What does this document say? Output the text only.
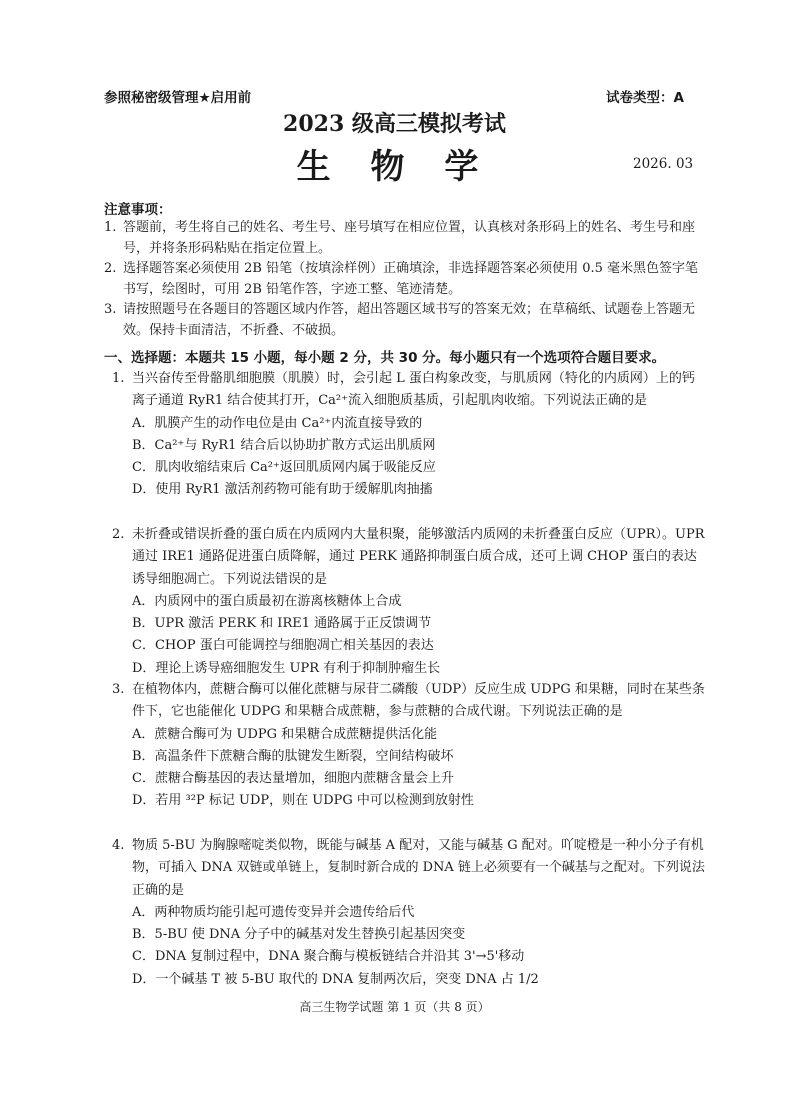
参照秘密级管理★启用前	试卷类型：A
2023 级高三模拟考试
生 物 学	2026. 03
注意事项：
1. 答题前，考生将自己的姓名、考生号、座号填写在相应位置，认真核对条形码上的姓名、考生号和座号，并将条形码粘贴在指定位置上。
2. 选择题答案必须使用 2B 铅笔（按填涂样例）正确填涂，非选择题答案必须使用 0.5 毫米黑色签字笔书写，绘图时，可用 2B 铅笔作答，字迹工整、笔迹清楚。
3. 请按照题号在各题目的答题区域内作答，超出答题区域书写的答案无效；在草稿纸、试题卷上答题无效。保持卡面清洁，不折叠、不破损。
一、选择题：本题共 15 小题，每小题 2 分，共 30 分。每小题只有一个选项符合题目要求。
1. 当兴奋传至骨骼肌细胞膜（肌膜）时，会引起 L 蛋白构象改变，与肌质网（特化的内质网）上的钙离子通道 RyR1 结合使其打开，Ca²⁺流入细胞质基质，引起肌肉收缩。下列说法正确的是
A．肌膜产生的动作电位是由 Ca²⁺内流直接导致的
B．Ca²⁺与 RyR1 结合后以协助扩散方式运出肌质网
C．肌肉收缩结束后 Ca²⁺返回肌质网内属于吸能反应
D．使用 RyR1 激活剂药物可能有助于缓解肌肉抽搐
2. 未折叠或错误折叠的蛋白质在内质网内大量积聚，能够激活内质网的未折叠蛋白反应（UPR）。UPR 通过 IRE1 通路促进蛋白质降解，通过 PERK 通路抑制蛋白质合成，还可上调 CHOP 蛋白的表达诱导细胞凋亡。下列说法错误的是
A．内质网中的蛋白质最初在游离核糖体上合成
B．UPR 激活 PERK 和 IRE1 通路属于正反馈调节
C．CHOP 蛋白可能调控与细胞凋亡相关基因的表达
D．理论上诱导癌细胞发生 UPR 有利于抑制肿瘤生长
3. 在植物体内，蔗糖合酶可以催化蔗糖与尿苷二磷酸（UDP）反应生成 UDPG 和果糖，同时在某些条件下，它也能催化 UDPG 和果糖合成蔗糖，参与蔗糖的合成代谢。下列说法正确的是
A．蔗糖合酶可为 UDPG 和果糖合成蔗糖提供活化能
B．高温条件下蔗糖合酶的肽键发生断裂，空间结构破坏
C．蔗糖合酶基因的表达量增加，细胞内蔗糖含量会上升
D．若用 ³²P 标记 UDP，则在 UDPG 中可以检测到放射性
4. 物质 5-BU 为胸腺嘧啶类似物，既能与碱基 A 配对，又能与碱基 G 配对。吖啶橙是一种小分子有机物，可插入 DNA 双链或单链上，复制时新合成的 DNA 链上必须要有一个碱基与之配对。下列说法正确的是
A．两种物质均能引起可遗传变异并会遗传给后代
B．5-BU 使 DNA 分子中的碱基对发生替换引起基因突变
C．DNA 复制过程中，DNA 聚合酶与模板链结合并沿其 3'→5'移动
D．一个碱基 T 被 5-BU 取代的 DNA 复制两次后，突变 DNA 占 1/2
高三生物学试题 第 1 页（共 8 页）
